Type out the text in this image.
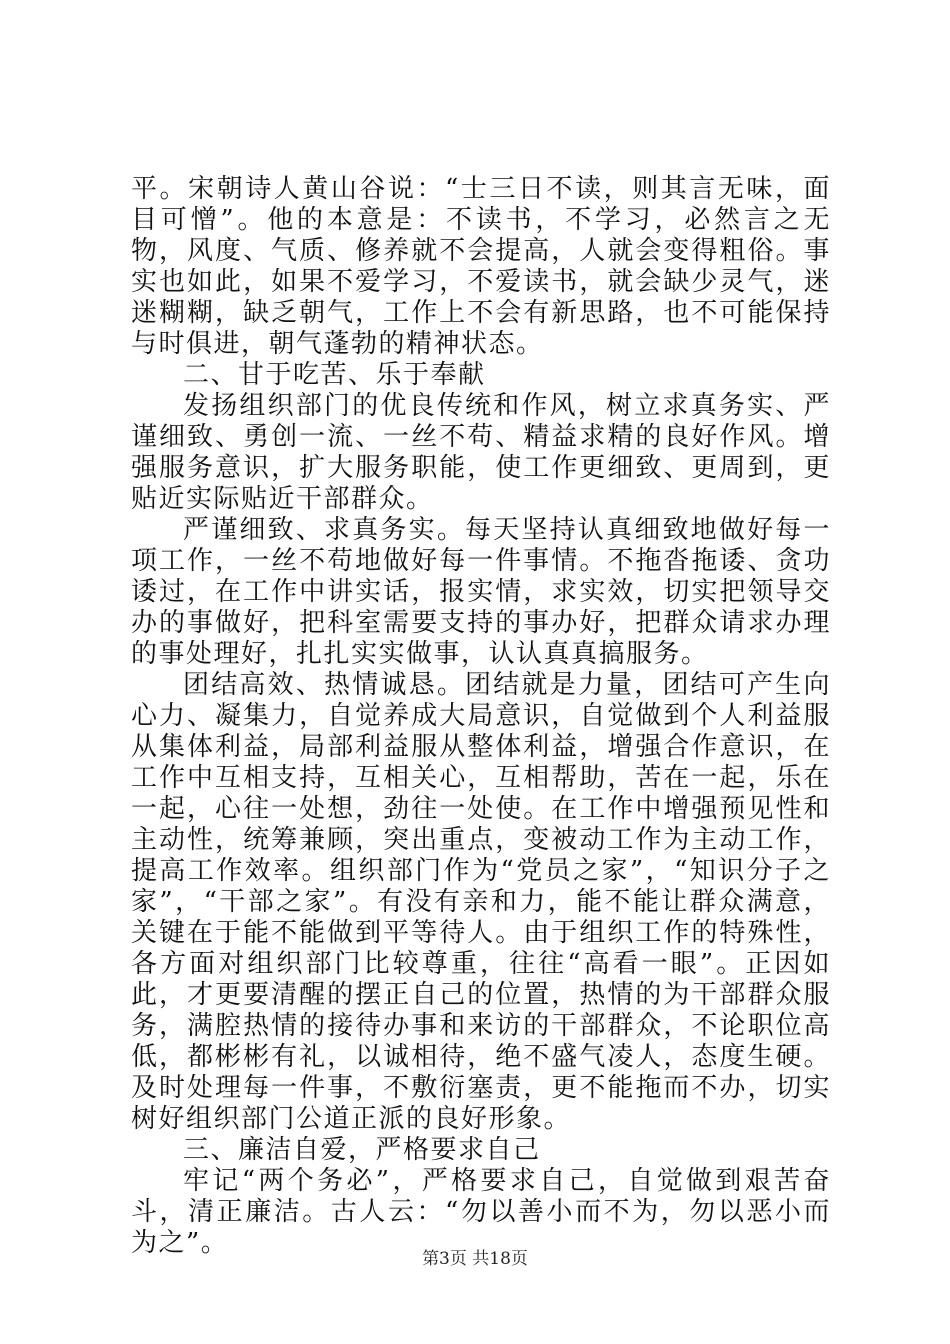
平。宋朝诗人黄山谷说：“士三日不读，则其言无味，面目可憎”。他的本意是：不读书，不学习，必然言之无物，风度、气质、修养就不会提高，人就会变得粗俗。事实也如此，如果不爱学习，不爱读书，就会缺少灵气，迷迷糊糊，缺乏朝气，工作上不会有新思路，也不可能保持与时俱进，朝气蓬勃的精神状态。

二、甘于吃苦、乐于奉献

发扬组织部门的优良传统和作风，树立求真务实、严谨细致、勇创一流、一丝不苟、精益求精的良好作风。增强服务意识，扩大服务职能，使工作更细致、更周到，更贴近实际贴近干部群众。

严谨细致、求真务实。每天坚持认真细致地做好每一项工作，一丝不苟地做好每一件事情。不拖沓拖诿、贪功诿过，在工作中讲实话，报实情，求实效，切实把领导交办的事做好，把科室需要支持的事办好，把群众请求办理的事处理好，扎扎实实做事，认认真真搞服务。

团结高效、热情诚恳。团结就是力量，团结可产生向心力、凝集力，自觉养成大局意识，自觉做到个人利益服从集体利益，局部利益服从整体利益，增强合作意识，在工作中互相支持，互相关心，互相帮助，苦在一起，乐在一起，心往一处想，劲往一处使。在工作中增强预见性和主动性，统筹兼顾，突出重点，变被动工作为主动工作，提高工作效率。组织部门作为“党员之家”，“知识分子之家”，“干部之家”。有没有亲和力，能不能让群众满意，关键在于能不能做到平等待人。由于组织工作的特殊性，各方面对组织部门比较尊重，往往“高看一眼”。正因如此，才更要清醒的摆正自己的位置，热情的为干部群众服务，满腔热情的接待办事和来访的干部群众，不论职位高低，都彬彬有礼，以诚相待，绝不盛气凌人，态度生硬。及时处理每一件事，不敷衍塞责，更不能拖而不办，切实树好组织部门公道正派的良好形象。

三、廉洁自爱，严格要求自己

牢记“两个务必”，严格要求自己，自觉做到艰苦奋斗，清正廉洁。古人云：“勿以善小而不为，勿以恶小而为之”。

第3页 共18页
